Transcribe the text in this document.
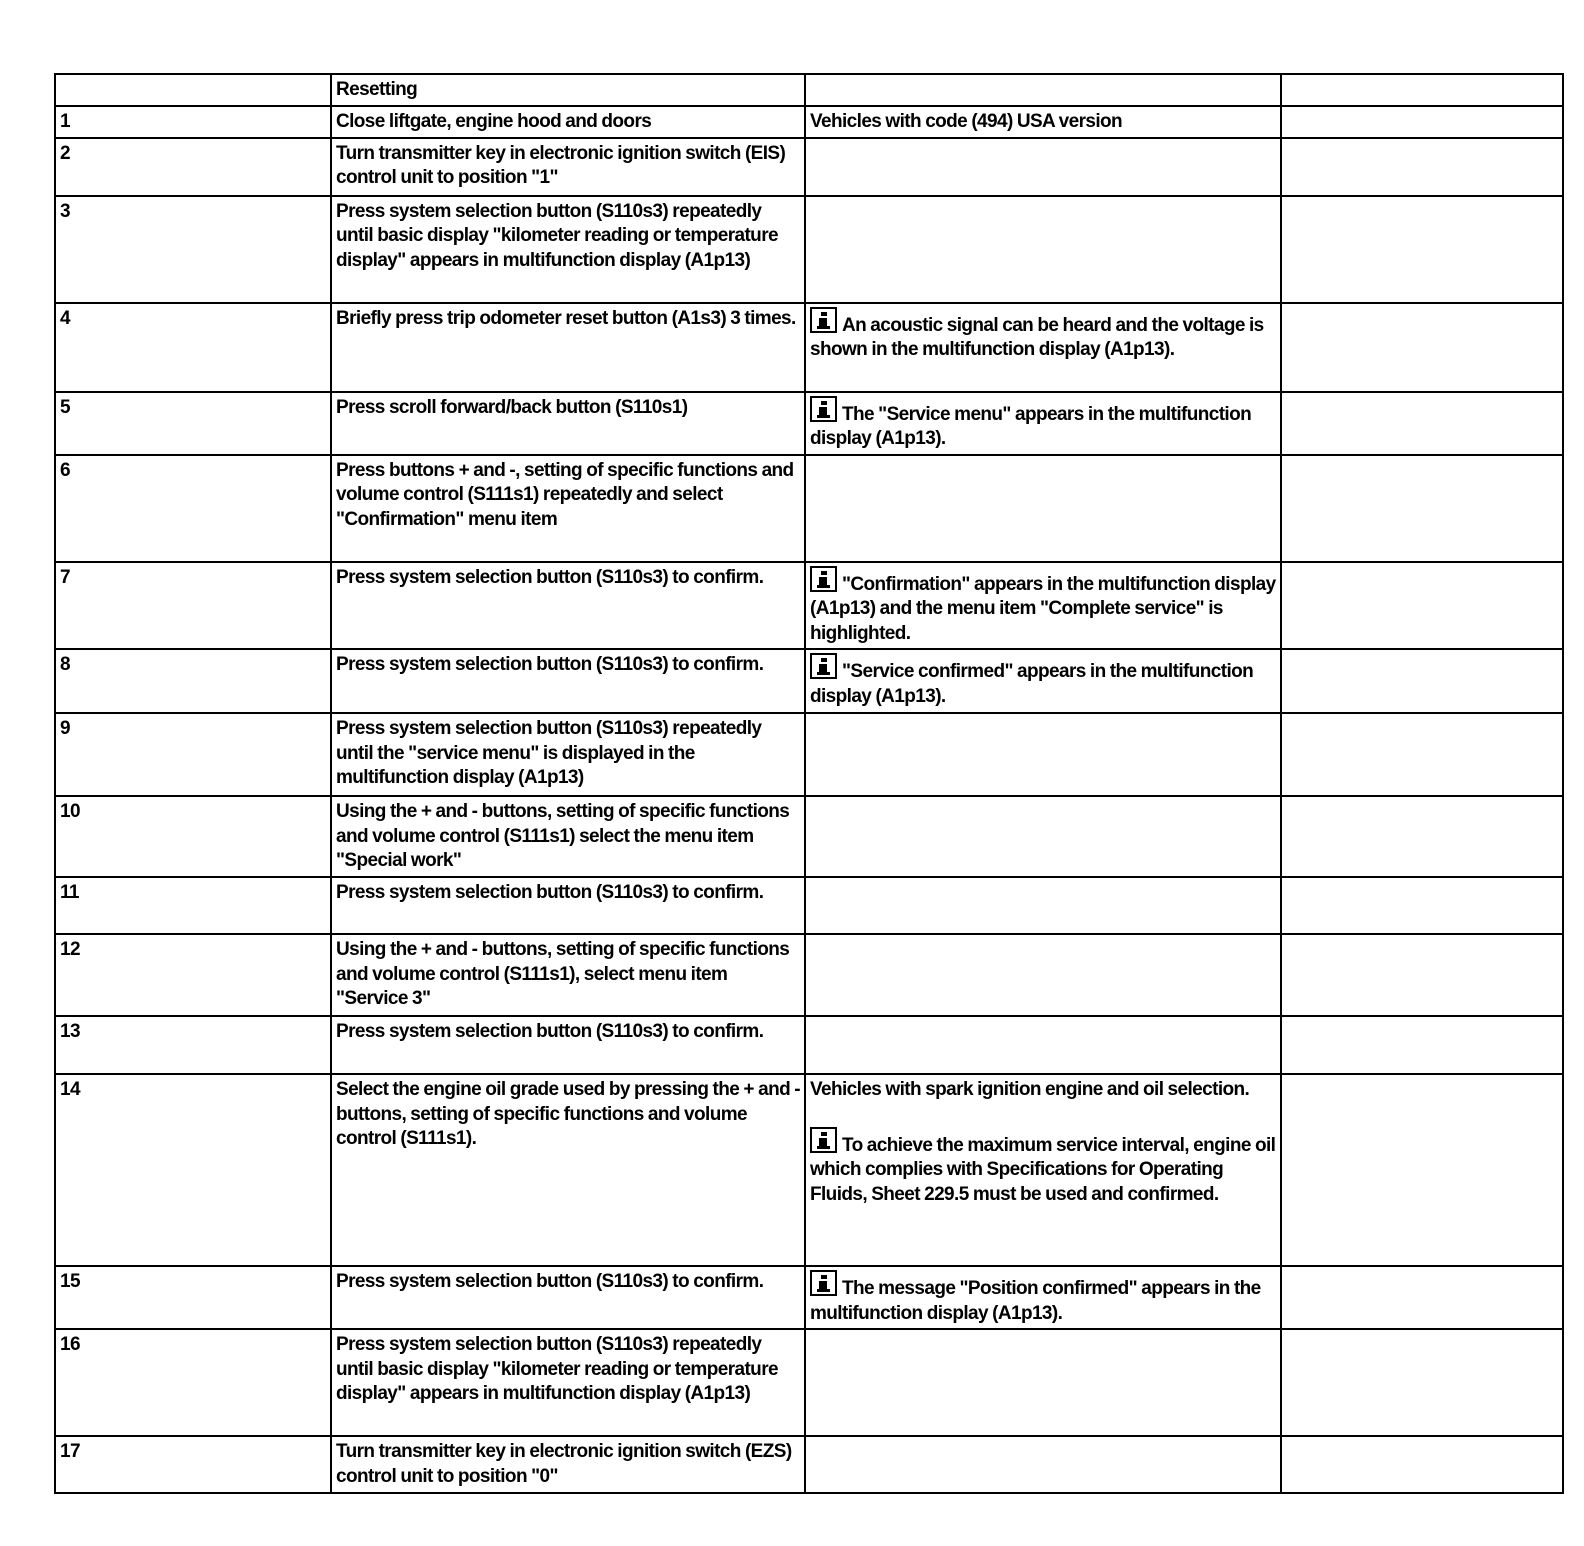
	Resetting		
1	Close liftgate, engine hood and doors	Vehicles with code (494) USA version	
2	Turn transmitter key in electronic ignition switch (EIS) control unit to position "1"		
3	Press system selection button (S110s3) repeatedly until basic display "kilometer reading or temperature display" appears in multifunction display (A1p13)		
4	Briefly press trip odometer reset button (A1s3) 3 times.	An acoustic signal can be heard and the voltage is shown in the multifunction display (A1p13).	
5	Press scroll forward/back button (S110s1)	The "Service menu" appears in the multifunction display (A1p13).	
6	Press buttons + and -, setting of specific functions and volume control (S111s1) repeatedly and select "Confirmation" menu item		
7	Press system selection button (S110s3) to confirm.	"Confirmation" appears in the multifunction display (A1p13) and the menu item "Complete service" is highlighted.	
8	Press system selection button (S110s3) to confirm.	"Service confirmed" appears in the multifunction display (A1p13).	
9	Press system selection button (S110s3) repeatedly until the "service menu" is displayed in the multifunction display (A1p13)		
10	Using the + and - buttons, setting of specific functions and volume control (S111s1) select the menu item "Special work"		
11	Press system selection button (S110s3) to confirm.		
12	Using the + and - buttons, setting of specific functions and volume control (S111s1), select menu item "Service 3"		
13	Press system selection button (S110s3) to confirm.		
14	Select the engine oil grade used by pressing the + and - buttons, setting of specific functions and volume control (S111s1).	Vehicles with spark ignition engine and oil selection.
To achieve the maximum service interval, engine oil which complies with Specifications for Operating Fluids, Sheet 229.5 must be used and confirmed.	
15	Press system selection button (S110s3) to confirm.	The message "Position confirmed" appears in the multifunction display (A1p13).	
16	Press system selection button (S110s3) repeatedly until basic display "kilometer reading or temperature display" appears in multifunction display (A1p13)		
17	Turn transmitter key in electronic ignition switch (EZS) control unit to position "0"		
